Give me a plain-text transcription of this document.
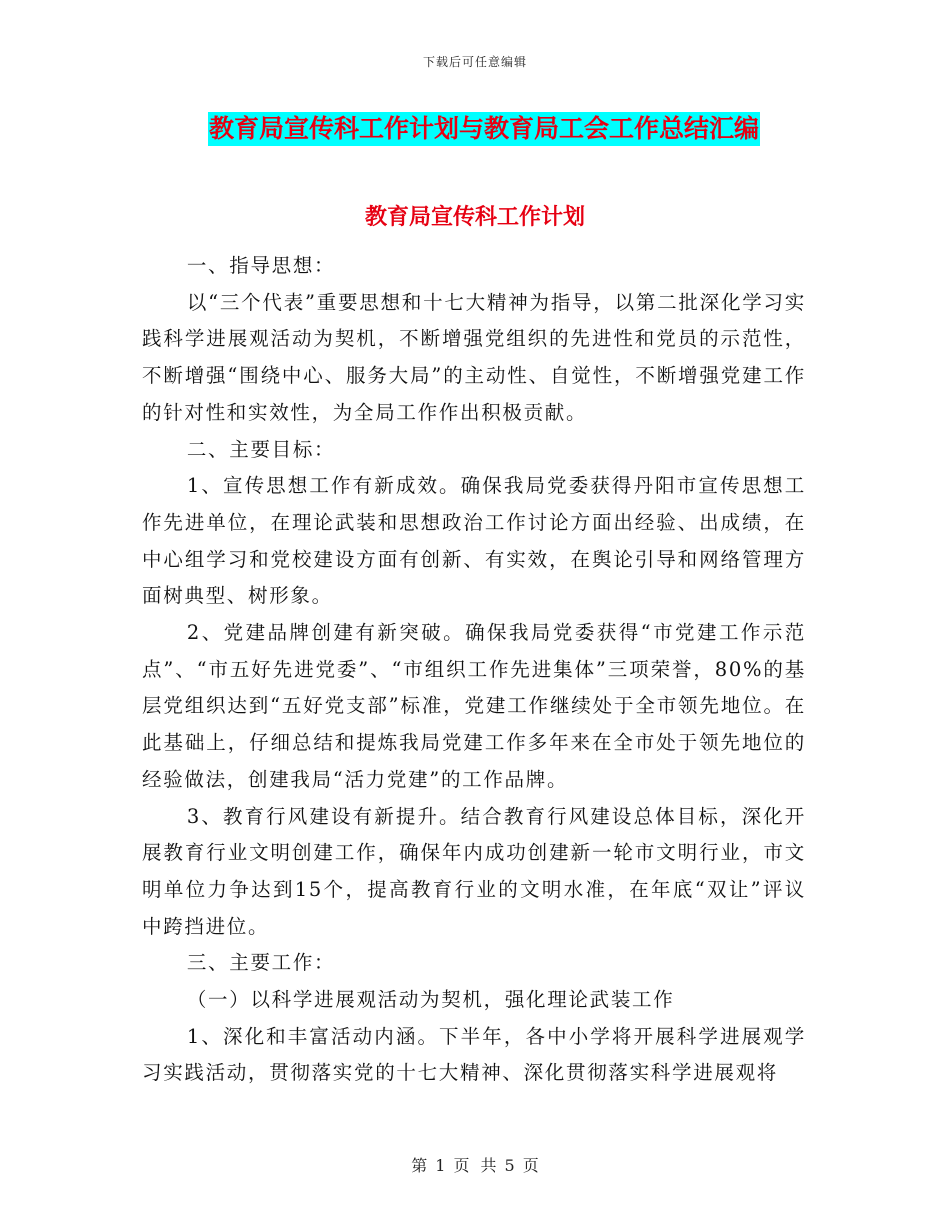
下载后可任意编辑
教育局宣传科工作计划与教育局工会工作总结汇编
教育局宣传科工作计划

一、指导思想：

以“三个代表”重要思想和十七大精神为指导，以第二批深化学习实践科学进展观活动为契机，不断增强党组织的先进性和党员的示范性，不断增强“围绕中心、服务大局”的主动性、自觉性，不断增强党建工作的针对性和实效性，为全局工作作出积极贡献。

二、主要目标：

1、宣传思想工作有新成效。确保我局党委获得丹阳市宣传思想工作先进单位，在理论武装和思想政治工作讨论方面出经验、出成绩，在中心组学习和党校建设方面有创新、有实效，在舆论引导和网络管理方面树典型、树形象。

2、党建品牌创建有新突破。确保我局党委获得“市党建工作示范点”、“市五好先进党委”、“市组织工作先进集体”三项荣誉，80%的基层党组织达到“五好党支部”标准，党建工作继续处于全市领先地位。在此基础上，仔细总结和提炼我局党建工作多年来在全市处于领先地位的经验做法，创建我局“活力党建”的工作品牌。

3、教育行风建设有新提升。结合教育行风建设总体目标，深化开展教育行业文明创建工作，确保年内成功创建新一轮市文明行业，市文明单位力争达到15个，提高教育行业的文明水准，在年底“双让”评议中跨挡进位。

三、主要工作：

（一）以科学进展观活动为契机，强化理论武装工作

1、深化和丰富活动内涵。下半年，各中小学将开展科学进展观学习实践活动，贯彻落实党的十七大精神、深化贯彻落实科学进展观将

第 1 页 共 5 页
